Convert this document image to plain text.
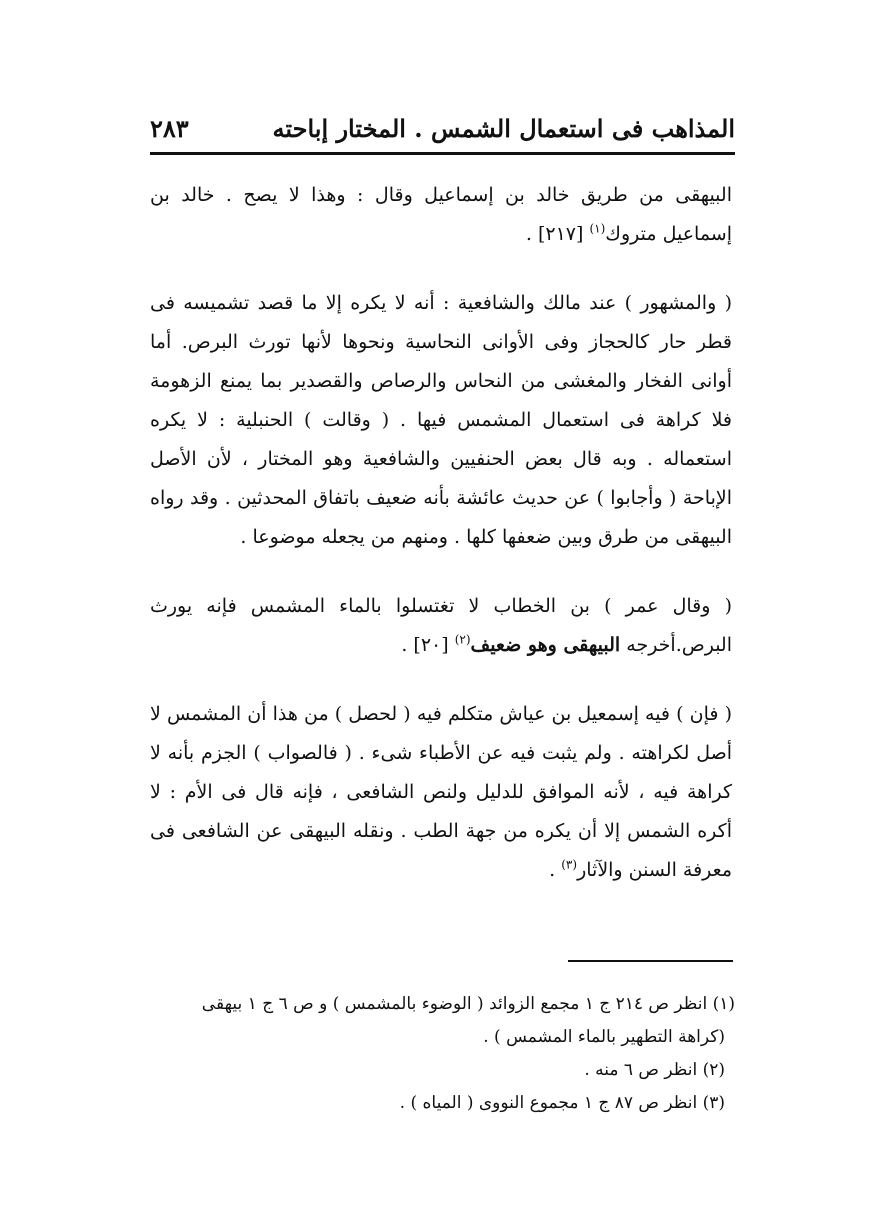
المذاهب فى استعمال الشمس . المختار إباحته
٢٨٣

البيهقى من طريق خالد بن إسماعيل وقال : وهذا لا يصح . خالد بن إسماعيل متروك$^{(١)}$ [٢١٧] .

( والمشهور ) عند مالك والشافعية : أنه لا يكره إلا ما قصد تشميسه فى قطر حار كالحجاز وفى الأوانى النحاسية ونحوها لأنها تورث البرص. أما أوانى الفخار والمغشى من النحاس والرصاص والقصدير بما يمنع الزهومة فلا كراهة فى استعمال المشمس فيها . ( وقالت ) الحنبلية : لا يكره استعماله . وبه قال بعض الحنفيين والشافعية وهو المختار ، لأن الأصل الإباحة ( وأجابوا ) عن حديث عائشة بأنه ضعيف باتفاق المحدثين . وقد رواه البيهقى من طرق وبين ضعفها كلها . ومنهم من يجعله موضوعا .

( وقال عمر ) بن الخطاب لا تغتسلوا بالماء المشمس فإنه يورث البرص.أخرجه البيهقى وهو ضعيف$^{(٢)}$ [٢٠] .

( فإن ) فيه إسمعيل بن عياش متكلم فيه ( لحصل ) من هذا أن المشمس لا أصل لكراهته . ولم يثبت فيه عن الأطباء شىء . ( فالصواب ) الجزم بأنه لا كراهة فيه ، لأنه الموافق للدليل ولنص الشافعى ، فإنه قال فى الأم : لا أكره الشمس إلا أن يكره من جهة الطب . ونقله البيهقى عن الشافعى فى معرفة السنن والآثار$^{(٣)}$ .

(١) انظر ص ٢١٤ ج ١ مجمع الزوائد ( الوضوء بالمشمس ) و ص ٦ ج ١ بيهقى

(كراهة التطهير بالماء المشمس ) .

(٢) انظر ص ٦ منه .

(٣) انظر ص ٨٧ ج ١ مجموع النووى ( المياه ) .
